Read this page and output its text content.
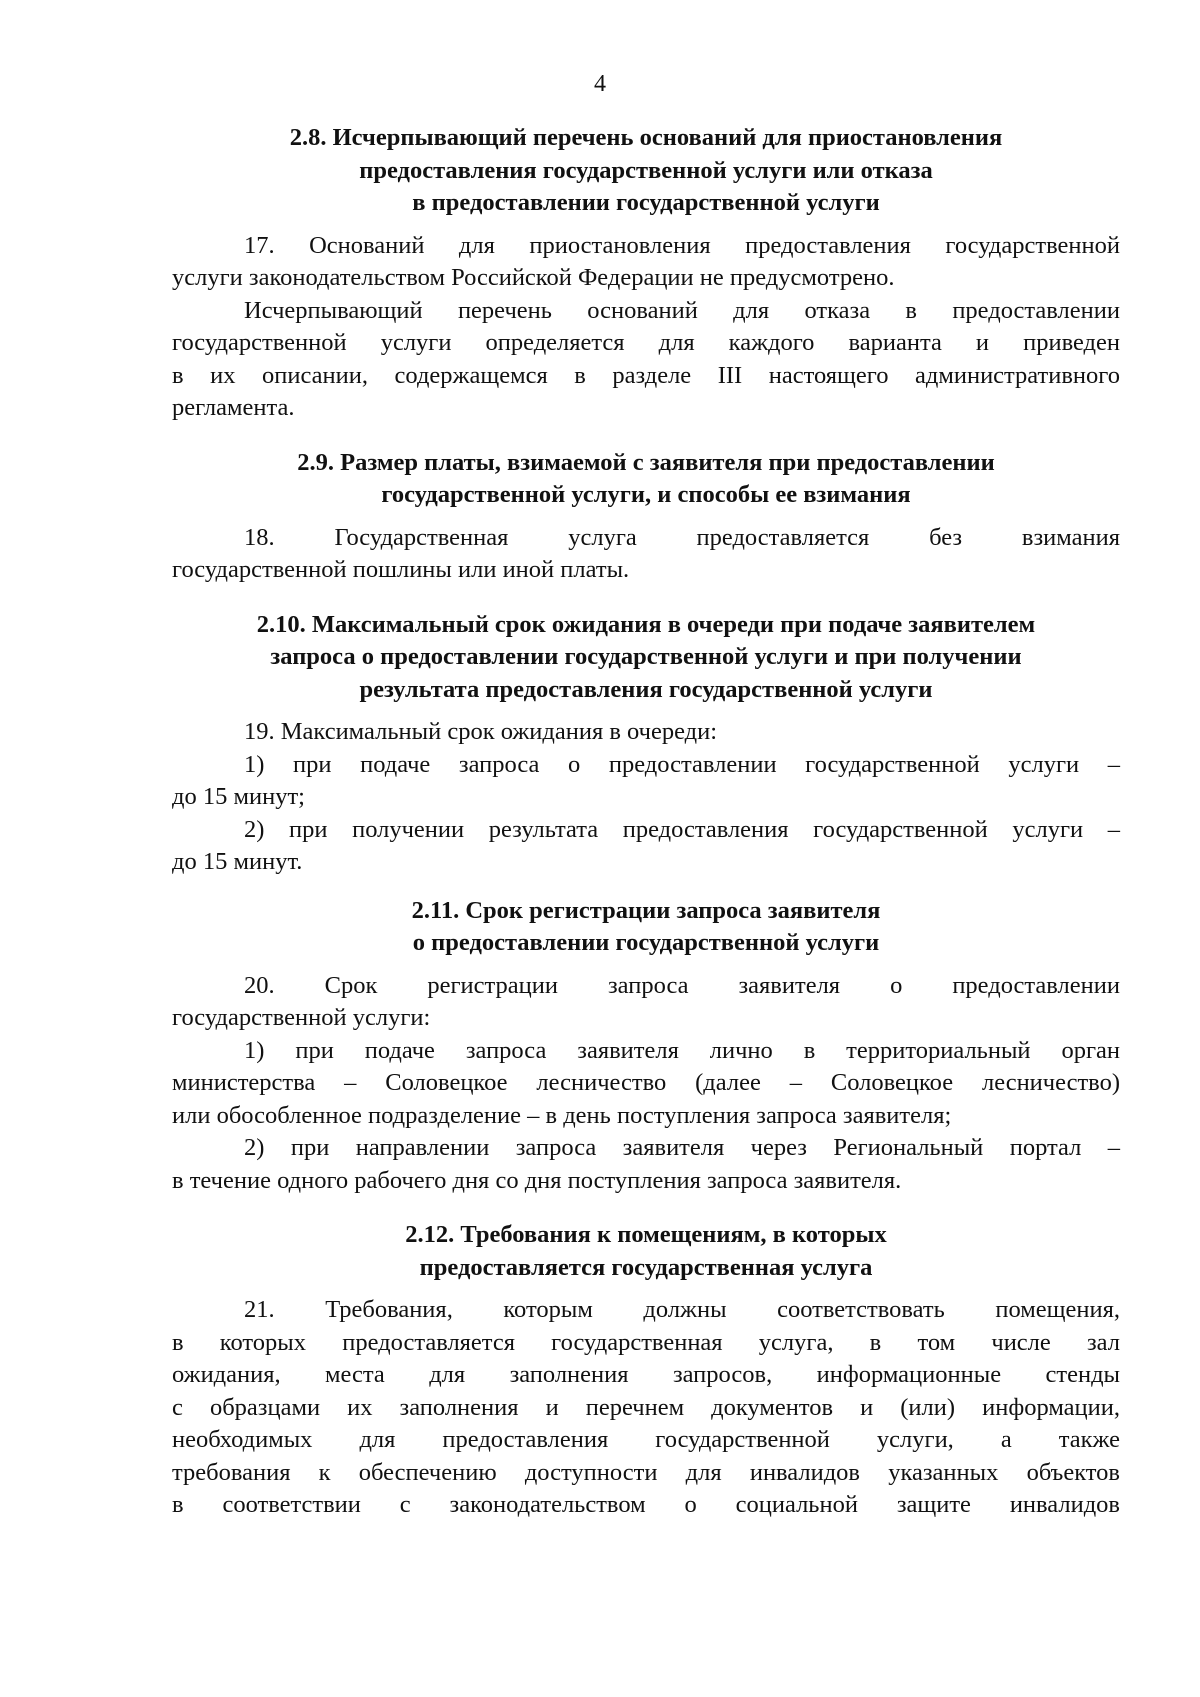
4
2.8. Исчерпывающий перечень оснований для приостановления
предоставления государственной услуги или отказа
в предоставлении государственной услуги

17. Оснований для приостановления предоставления государственной
услуги законодательством Российской Федерации не предусмотрено.

Исчерпывающий перечень оснований для отказа в предоставлении
государственной услуги определяется для каждого варианта и приведен
в их описании, содержащемся в разделе III настоящего административного
регламента.

2.9. Размер платы, взимаемой с заявителя при предоставлении
государственной услуги, и способы ее взимания

18. Государственная услуга предоставляется без взимания
государственной пошлины или иной платы.

2.10. Максимальный срок ожидания в очереди при подаче заявителем
запроса о предоставлении государственной услуги и при получении
результата предоставления государственной услуги

19. Максимальный срок ожидания в очереди:

1) при подаче запроса о предоставлении государственной услуги –
до 15 минут;

2) при получении результата предоставления государственной услуги –
до 15 минут.

2.11. Срок регистрации запроса заявителя
о предоставлении государственной услуги

20. Срок регистрации запроса заявителя о предоставлении
государственной услуги:

1) при подаче запроса заявителя лично в территориальный орган
министерства – Соловецкое лесничество (далее – Соловецкое лесничество)
или обособленное подразделение – в день поступления запроса заявителя;

2) при направлении запроса заявителя через Региональный портал –
в течение одного рабочего дня со дня поступления запроса заявителя.

2.12. Требования к помещениям, в которых
предоставляется государственная услуга

21. Требования, которым должны соответствовать помещения,
в которых предоставляется государственная услуга, в том числе зал
ожидания, места для заполнения запросов, информационные стенды
с образцами их заполнения и перечнем документов и (или) информации,
необходимых для предоставления государственной услуги, а также
требования к обеспечению доступности для инвалидов указанных объектов
в соответствии с законодательством о социальной защите инвалидов
